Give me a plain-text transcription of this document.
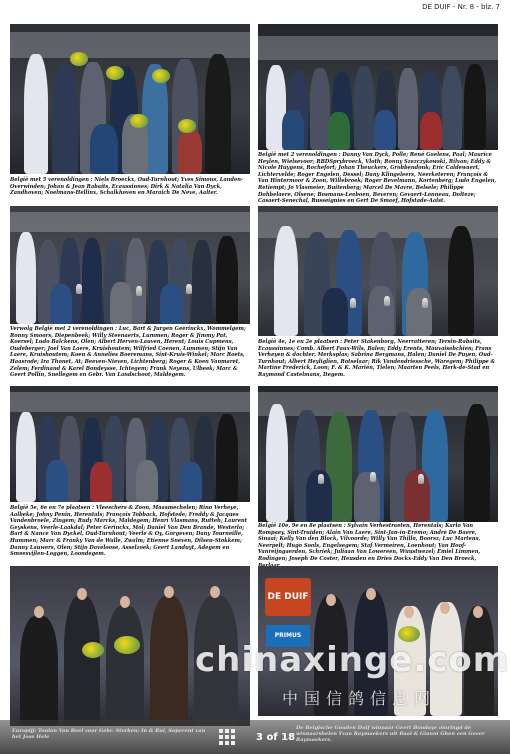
DE DUIF - Nr. 8 - blz. 7
België met 5 verenoldingen : Niels Broeckx, Oud-Turnhout; Yves Simons, Landen-Overwinden; Johan & Jean Rabaits, Ecaussinnes; Dirk & Natalia Van Dyck, Zandhoven; Noelmans-Hellinx, Schalkhoven en Maraich De Neve, Aalter.
België met 2 verenoldingen : Danny Van Dyck, Polle; René Goelens, Paal; Maurice Heylen, Wielsevoor; RBDSprybroeck, Vloth; Ronny Szezczykowski, Rilvan; Eddy & Nicole Huygens, Rochefort; Johan Theuckers, Grobbendonk; Eric Caldewaert, Lichtervelde; Roger Engelen, Dessel; Dany Klingeleers, Neerketeren; François & Van Hintermoor & Zoon, Willebroek; Roger Bevelmann, Kortenberg; Ludo Engelen, Retiempt; Jo Vlasmeier, Buitenberg; Marcel De Mavre, Belsele; Philippe Dohbelaere, Olsene; Bosmans-Leeboen, Beveren; Gevaert-Lonneau, Dolteze; Casaert-Senechal, Russeignies en Gert De Smaef, Hofstade-Aalst.
Verwolg België met 2 verenoldingen : Luc, Bart & Jurgen Geerinckx, Wommelgem; Ronny Smoors, Diepenbeek; Willy Steenaerts, Lummen; Roger & Jimmy Pat, Koersel; Ludo Balckens, Olen; Albert Herven-Lauven, Herent; Louis Cupmens, Oudeberger; Joel Van Laere, Kruishoutem; Wilfried Coenen, Lummen; Stijn Van Laere, Kruishoutem; Koen & Annelies Boeremans, Sint-Kruis-Winkel; Marc Roets, Haasrode; Ira Thonet, At; Beeven-Nieven, Lichtenberg; Roger & Koen Vanmaret, Zelem; Ferdinand & Karel Bondeysse, Ichtegem; Frank Neyens, Ulbeek; Marc & Geert Pollin, Snellegem en Gebr. Van Landschoot, Maldegem.
België 4e, 1e en 2e plaatsen : Peter Stakenborg, Neerratteren; Tersin-Rabaits, Ecaussinnes; Comb. Albert Faux-Wils, Balen; Eddy Erents, Mauvaisebchien; Frans Verheyen & dochter, Merksplas; Sabrina Bergmans, Halen; Daniel De Puyen, Oud-Turnhout; Albert Heyliglien, Rotselaar; Rik Vandendriessche, Waregem; Philippe & Martine Frederick, Loon; F. & K. Marién, Tielen; Maarten Peels, Herk-de-Stad en Raymond Castelmans, Itegem.
België 5e, 6e en 7e plaatsen : Vleeschers & Zoon, Maasmechelen; Rino Verheye, Aalbeke; Johny Penin, Herentals; François Tobback, Hofstede; Freddy & Jacques Vandenbroele, Zingem; Rudy Marcks, Maldegem; Henri Vlasmans, Rutteh; Laurent Geyskens, Veerle-Laakdal; Peter Gerinckx, Mol; Daniel Van Den Brande, Westerlo; Bart & Nance Van Dyckel, Oud-Turnhout; Veerle & Oy, Gorgeven; Dany Tourneille, Hummen; Marc & Franky Van de Walle, Zwalm; Etienne Sneven, Dilsen-Stokkem; Danny Lauwers, Olen; Stijn Daveloose, Asselzoek; Geert Landuyt, Adegem en Smeesvijlen-Loggen, Loondegem.
België 10e, 9e en 8e plaatsen : Sylvain Verhestraeten, Herentals; Karlo Van Rompaey, Sint-Truiden; Alain Van Laere, Sint-Jan-in-Eremo; André De Baere, Sinaai; Kelly Van den Block, Vilvoorde; Willy Van Thillo, Boorsz; Luc Martens, Neerpelt; Hugo Sools, Engelsegem; Staf Vermeiren, Loenhout; Van Hoof-Vanreijngaerden, Schriek; Juliaan Van Lowereen, Wuustwezel; Emiel Limmen, Rodingen; Joseph De Coster, Heusden en Dries Dockx-Eddy Van Den Broeck,
DE DUIF
PRIMUS
chinaxinge.com
中国信鸽信息网
Europijj: Toulon Van Beel voor Gebr. Sterken; In & Rul, Soperent van het Jose Hele
De Belgische Gouden Duif winnaar Geert Bondaye omringd de winnaarshelen Yvan Raymaekers uit Baal & Gianni Ghen een Gever Raymaekers.
3 of 18
